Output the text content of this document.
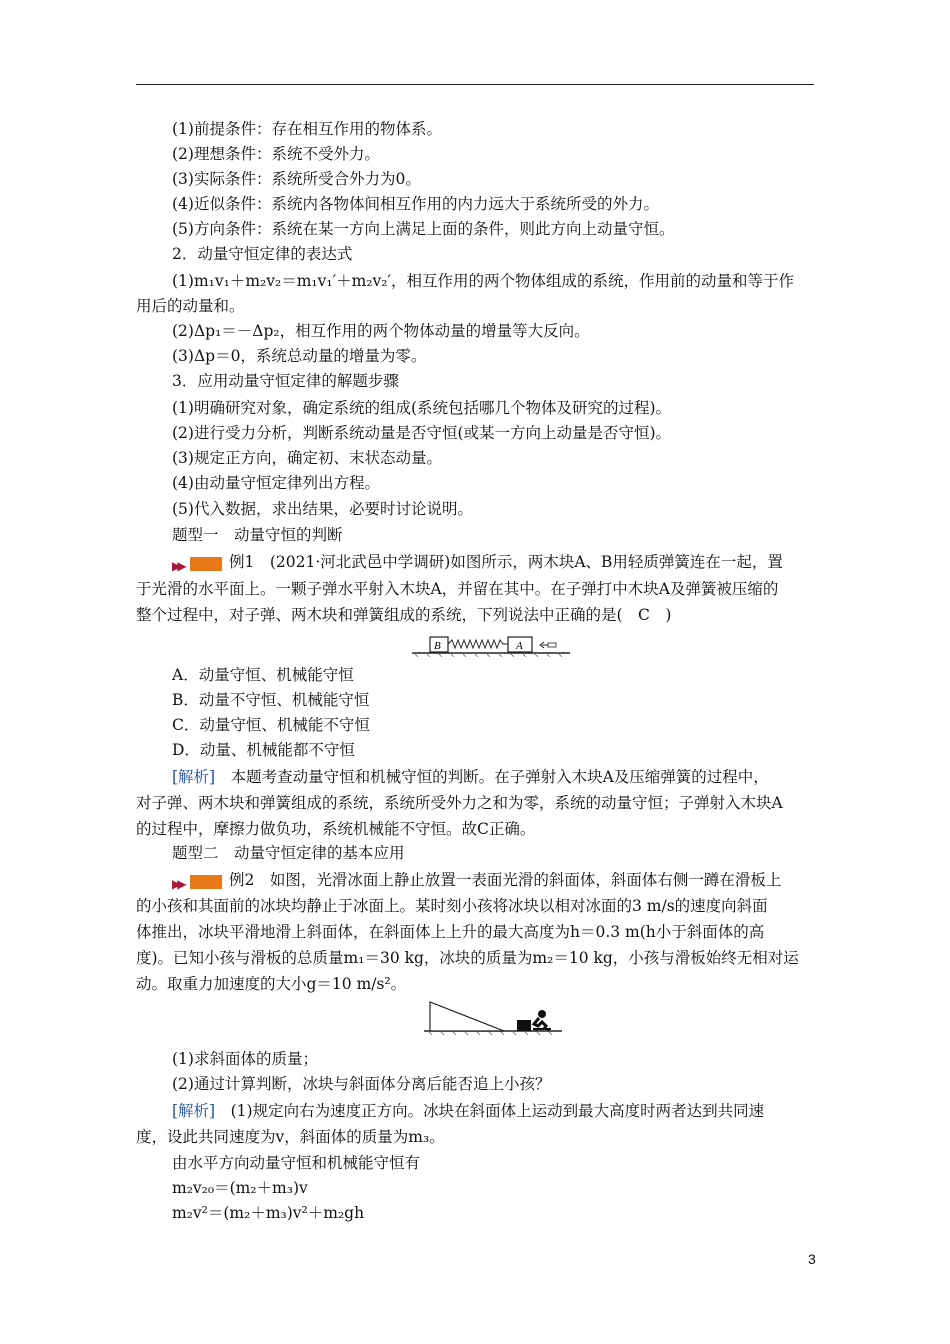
(1)前提条件：存在相互作用的物体系。
(2)理想条件：系统不受外力。
(3)实际条件：系统所受合外力为0。
(4)近似条件：系统内各物体间相互作用的内力远大于系统所受的外力。
(5)方向条件：系统在某一方向上满足上面的条件，则此方向上动量守恒。
2．动量守恒定律的表达式
(1)m₁v₁＋m₂v₂＝m₁v₁′＋m₂v₂′，相互作用的两个物体组成的系统，作用前的动量和等于作
用后的动量和。
(2)Δp₁＝－Δp₂，相互作用的两个物体动量的增量等大反向。
(3)Δp＝0，系统总动量的增量为零。
3．应用动量守恒定律的解题步骤
(1)明确研究对象，确定系统的组成(系统包括哪几个物体及研究的过程)。
(2)进行受力分析，判断系统动量是否守恒(或某一方向上动量是否守恒)。
(3)规定正方向，确定初、末状态动量。
(4)由动量守恒定律列出方程。
(5)代入数据，求出结果，必要时讨论说明。
题型一　动量守恒的判断
▶▶	例1　(2021·河北武邑中学调研)如图所示，两木块A、B用轻质弹簧连在一起，置
于光滑的水平面上。一颗子弹水平射入木块A，并留在其中。在子弹打中木块A及弹簧被压缩的
整个过程中，对子弹、两木块和弹簧组成的系统，下列说法中正确的是(　C　)
B	A
A．动量守恒、机械能守恒
B．动量不守恒、机械能守恒
C．动量守恒、机械能不守恒
D．动量、机械能都不守恒
[解析]　本题考查动量守恒和机械守恒的判断。在子弹射入木块A及压缩弹簧的过程中，
对子弹、两木块和弹簧组成的系统，系统所受外力之和为零，系统的动量守恒；子弹射入木块A
的过程中，摩擦力做负功，系统机械能不守恒。故C正确。
题型二　动量守恒定律的基本应用
▶▶	例2　如图，光滑冰面上静止放置一表面光滑的斜面体，斜面体右侧一蹲在滑板上
的小孩和其面前的冰块均静止于冰面上。某时刻小孩将冰块以相对冰面的3 m/s的速度向斜面
体推出，冰块平滑地滑上斜面体，在斜面体上上升的最大高度为h＝0.3 m(h小于斜面体的高
度)。已知小孩与滑板的总质量m₁＝30 kg，冰块的质量为m₂＝10 kg，小孩与滑板始终无相对运
动。取重力加速度的大小g＝10 m/s²。
(1)求斜面体的质量；
(2)通过计算判断，冰块与斜面体分离后能否追上小孩？
[解析]　(1)规定向右为速度正方向。冰块在斜面体上运动到最大高度时两者达到共同速
度，设此共同速度为v，斜面体的质量为m₃。
由水平方向动量守恒和机械能守恒有
m₂v₂₀＝(m₂＋m₃)v
m₂v²＝(m₂＋m₃)v²＋m₂gh
3
